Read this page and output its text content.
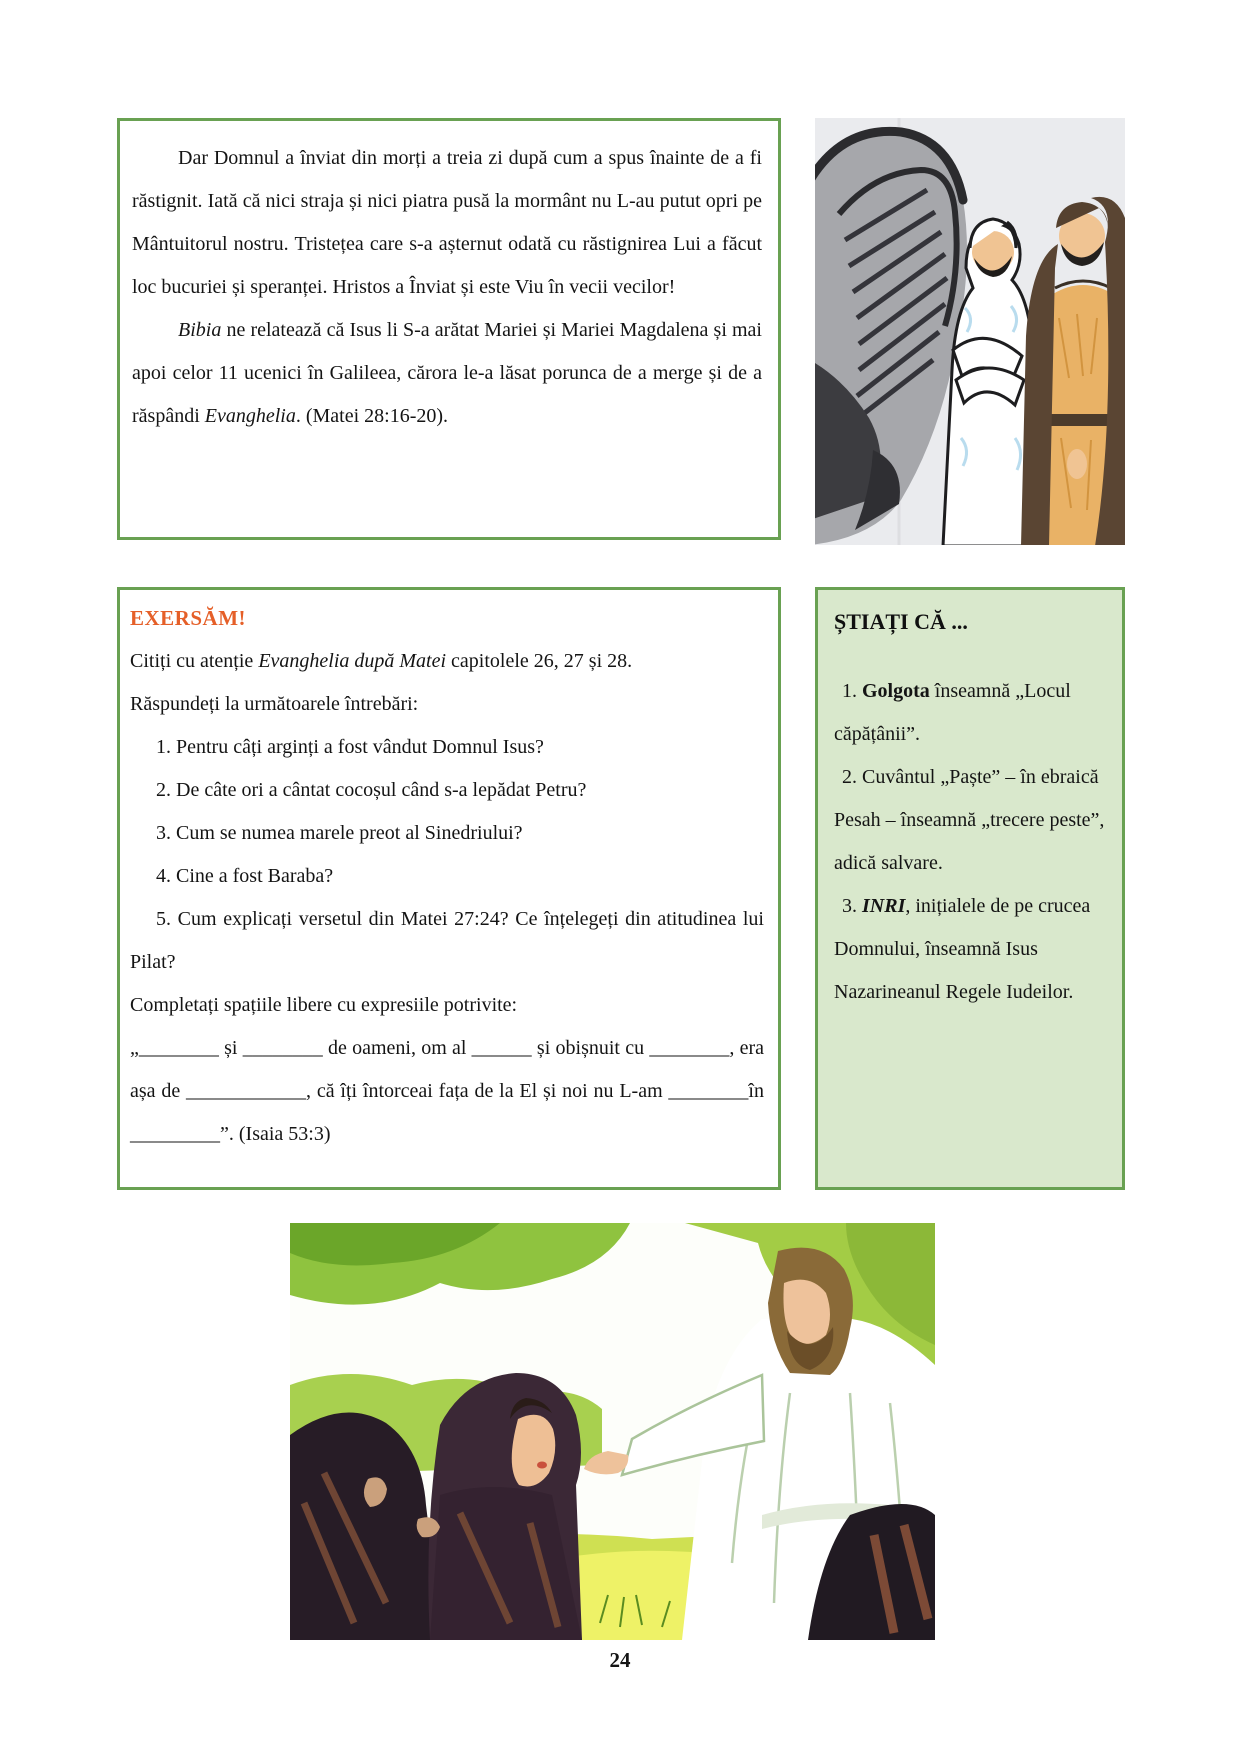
Dar Domnul a înviat din morți a treia zi după cum a spus înainte de a fi răstignit. Iată că nici straja și nici piatra pusă la mormânt nu L-au putut opri pe Mântuitorul nostru. Tristețea care s-a așternut odată cu răstignirea Lui a făcut loc bucuriei și speranței. Hristos a Înviat și este Viu în vecii vecilor!

Bibia ne relatează că Isus li S-a arătat Mariei și Mariei Magdalena și mai apoi celor 11 ucenici în Galileea, cărora le-a lăsat porunca de a merge și de a răspândi Evanghelia. (Matei 28:16-20).

EXERSĂM!

Citiți cu atenție Evanghelia după Matei capitolele 26, 27 și 28.

Răspundeți la următoarele întrebări:

1. Pentru câți arginți a fost vândut Domnul Isus?

2. De câte ori a cântat cocoșul când s-a lepădat Petru?

3. Cum se numea marele preot al Sinedriului?

4. Cine a fost Baraba?

5. Cum explicați versetul din Matei 27:24? Ce înțelegeți din atitudinea lui Pilat?

Completați spațiile libere cu expresiile potrivite:

„________ și ________ de oameni, om al ______ și obișnuit cu ________, era așa de ____________, că îți întorceai fața de la El și noi nu L-am ________în _________”. (Isaia 53:3)

ȘTIAȚI CĂ ...

1. Golgota înseamnă „Locul căpățânii”.

2. Cuvântul „Paște” – în ebraică Pesah – înseamnă „trecere peste”, adică salvare.

3. INRI, inițialele de pe crucea Domnului, înseamnă Isus Nazarineanul Regele Iudeilor.

24
